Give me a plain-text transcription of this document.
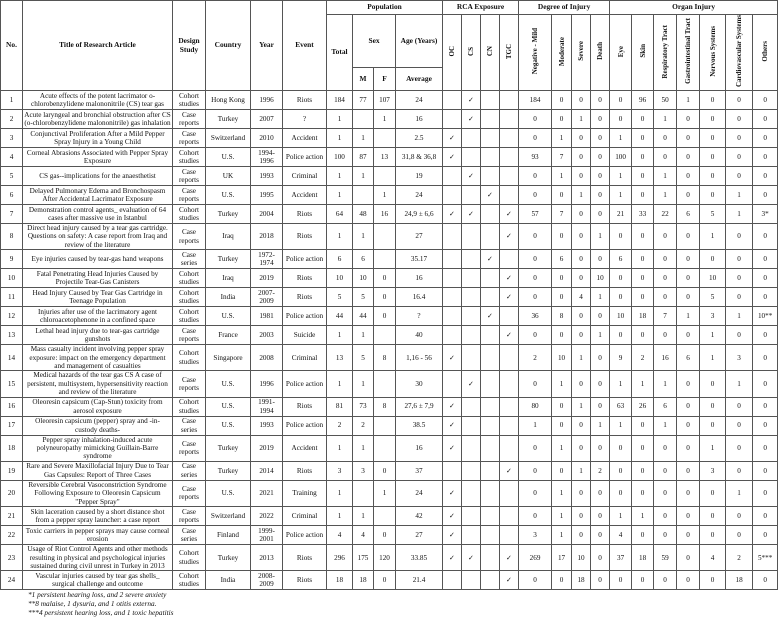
No.	Title of Research Article	Design Study	Country	Year	Event	Population				RCA Exposure				Degree of Injury				Organ Injury						
						Total	Sex		Age (Years)	OC	CS	CN	TGC	Negative - Mild	Moderate	Severe	Death	Eye	Skin	Respiratory Tract	Gastrointestinal Tract	Nervous Systems	Cardiovascular Systems	Others
							M	F	Average															
1	Acute effects of the potent lacrimator o-chlorobenzylidene malononitrile (CS) tear gas	Cohort studies	Hong Kong	1996	Riots	184	77	107	24		✓			184	0	0	0	0	96	50	1	0	0	0
2	Acute laryngeal and bronchial obstruction after CS (o-chlorobenzylidene malononitrile) gas inhalation	Case reports	Turkey	2007	?	1		1	16		✓			0	0	1	0	0	0	1	0	0	0	0
3	Conjunctival Proliferation After a Mild Pepper Spray Injury in a Young Child	Case reports	Switzerland	2010	Accident	1	1		2.5	✓				0	1	0	0	1	0	0	0	0	0	0
4	Corneal Abrasions Associated with Pepper Spray Exposure	Cohort studies	U.S.	1994-1996	Police action	100	87	13	31,8 & 36,8	✓				93	7	0	0	100	0	0	0	0	0	0
5	CS gas--implications for the anaesthetist	Case reports	UK	1993	Criminal	1	1		19		✓			0	1	0	0	1	0	1	0	0	0	0
6	Delayed Pulmonary Edema and Bronchospasm After Accidental Lacrimator Exposure	Case reports	U.S.	1995	Accident	1		1	24			✓		0	0	1	0	1	0	1	0	0	1	0
7	Demonstration control agents_ evaluation of 64 cases after massive use in Istanbul	Cohort studies	Turkey	2004	Riots	64	48	16	24,9 ± 6,6	✓	✓		✓	57	7	0	0	21	33	22	6	5	1	3*
8	Direct head injury caused by a tear gas cartridge. Questions on safety: A case report from Iraq and review of the literature	Case reports	Iraq	2018	Riots	1	1		27				✓	0	0	0	1	0	0	0	0	1	0	0
9	Eye injuries caused by tear-gas hand weapons	Case series	Turkey	1972-1974	Police action	6	6		35.17			✓		0	6	0	0	6	0	0	0	0	0	0
10	Fatal Penetrating Head Injuries Caused by Projectile Tear-Gas Canisters	Cohort studies	Iraq	2019	Riots	10	10	0	16				✓	0	0	0	10	0	0	0	0	10	0	0
11	Head Injury Caused by Tear Gas Cartridge in Teenage Population	Cohort studies	India	2007-2009	Riots	5	5	0	16.4				✓	0	0	4	1	0	0	0	0	5	0	0
12	Injuries after use of the lacrimatory agent chloroacetophenone in a confined space	Cohort studies	U.S.	1981	Police action	44	44	0	?			✓		36	8	0	0	10	18	7	1	3	1	10**
13	Lethal head injury due to tear-gas cartridge gunshots	Case reports	France	2003	Suicide	1	1		40				✓	0	0	0	1	0	0	0	0	1	0	0
14	Mass casualty incident involving pepper spray exposure: impact on the emergency department and management of casualties	Cohort studies	Singapore	2008	Criminal	13	5	8	1,16 - 56	✓				2	10	1	0	9	2	16	6	1	3	0
15	Medical hazards of the tear gas CS A case of persistent, multisystem, hypersensitivity reaction and review of the literature	Case reports	U.S.	1996	Police action	1	1		30		✓			0	1	0	0	1	1	1	0	0	1	0
16	Oleoresin capsicum (Cap-Stun) toxicity from aerosol exposure	Cohort studies	U.S.	1991-1994	Riots	81	73	8	27,6 ± 7,9	✓				80	0	1	0	63	26	6	0	0	0	0
17	Oleoresin capsicum (pepper) spray and -in-custody deaths-	Case series	U.S.	1993	Police action	2	2		38.5	✓				1	0	0	1	1	0	1	0	0	0	0
18	Pepper spray inhalation-induced acute polyneuropathy mimicking Guillain-Barre syndrome	Case reports	Turkey	2019	Accident	1	1		16	✓				0	1	0	0	0	0	0	0	1	0	0
19	Rare and Severe Maxillofacial Injury Due to Tear Gas Capsules: Report of Three Cases	Case series	Turkey	2014	Riots	3	3	0	37				✓	0	0	1	2	0	0	0	0	3	0	0
20	Reversible Cerebral Vasoconstriction Syndrome Following Exposure to Oleoresin Capsicum "Pepper Spray"	Case reports	U.S.	2021	Training	1		1	24	✓				0	1	0	0	0	0	0	0	0	1	0
21	Skin laceration caused by a short distance shot from a pepper spray launcher: a case report	Case reports	Switzerland	2022	Criminal	1	1		42	✓				0	1	0	0	1	1	0	0	0	0	0
22	Toxic carriers in pepper sprays may cause corneal erosion	Case series	Finland	1999-2001	Police action	4	4	0	27	✓				3	1	0	0	4	0	0	0	0	0	0
23	Usage of Riot Control Agents and other methods resulting in physical and psychological injuries sustained during civil unrest in Turkey in 2013	Cohort studies	Turkey	2013	Riots	296	175	120	33.85	✓	✓		✓	269	17	10	0	37	18	59	0	4	2	5***
24	Vascular injuries caused by tear gas shells_ surgical challenge and outcome	Cohort studies	India	2008-2009	Riots	18	18	0	21.4				✓	0	0	18	0	0	0	0	0	0	18	0
*1 persistent hearing loss, and 2 severe anxiety
**8 malaise, 1 dysuria, and 1 otitis externa.
***4 persistent hearing loss, and 1 toxic hepatitis
